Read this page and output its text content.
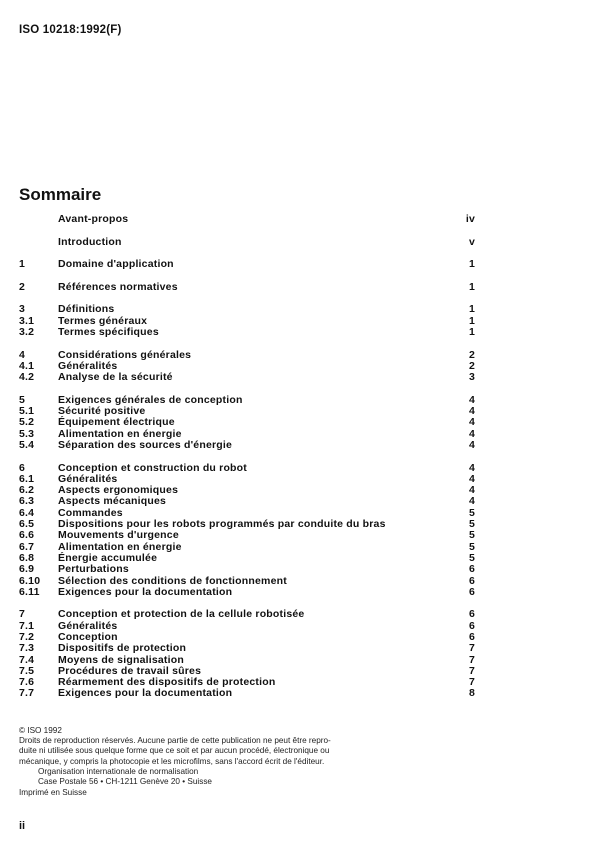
ISO 10218:1992(F)
Sommaire
Avant-propos	iv
Introduction	v
1	Domaine d'application	1
2	Références normatives	1
3	Définitions	1
3.1 Termes généraux	1
3.2 Termes spécifiques	1
4	Considérations générales	2
4.1 Généralités	2
4.2 Analyse de la sécurité	3
5	Exigences générales de conception	4
5.1 Sécurité positive	4
5.2 Équipement électrique	4
5.3 Alimentation en énergie	4
5.4 Séparation des sources d'énergie	4
6	Conception et construction du robot	4
6.1 Généralités	4
6.2 Aspects ergonomiques	4
6.3 Aspects mécaniques	4
6.4 Commandes	5
6.5 Dispositions pour les robots programmés par conduite du bras	5
6.6 Mouvements d'urgence	5
6.7 Alimentation en énergie	5
6.8 Énergie accumulée	5
6.9 Perturbations	6
6.10 Sélection des conditions de fonctionnement	6
6.11 Exigences pour la documentation	6
7	Conception et protection de la cellule robotisée	6
7.1 Généralités	6
7.2 Conception	6
7.3 Dispositifs de protection	7
7.4 Moyens de signalisation	7
7.5 Procédures de travail sûres	7
7.6 Réarmement des dispositifs de protection	7
7.7 Exigences pour la documentation	8

© ISO 1992

Droits de reproduction réservés. Aucune partie de cette publication ne peut être repro-

duite ni utilisée sous quelque forme que ce soit et par aucun procédé, électronique ou

mécanique, y compris la photocopie et les microfilms, sans l'accord écrit de l'éditeur.

Organisation internationale de normalisation

Case Postale 56 • CH-1211 Genève 20 • Suisse

Imprimé en Suisse
ii
